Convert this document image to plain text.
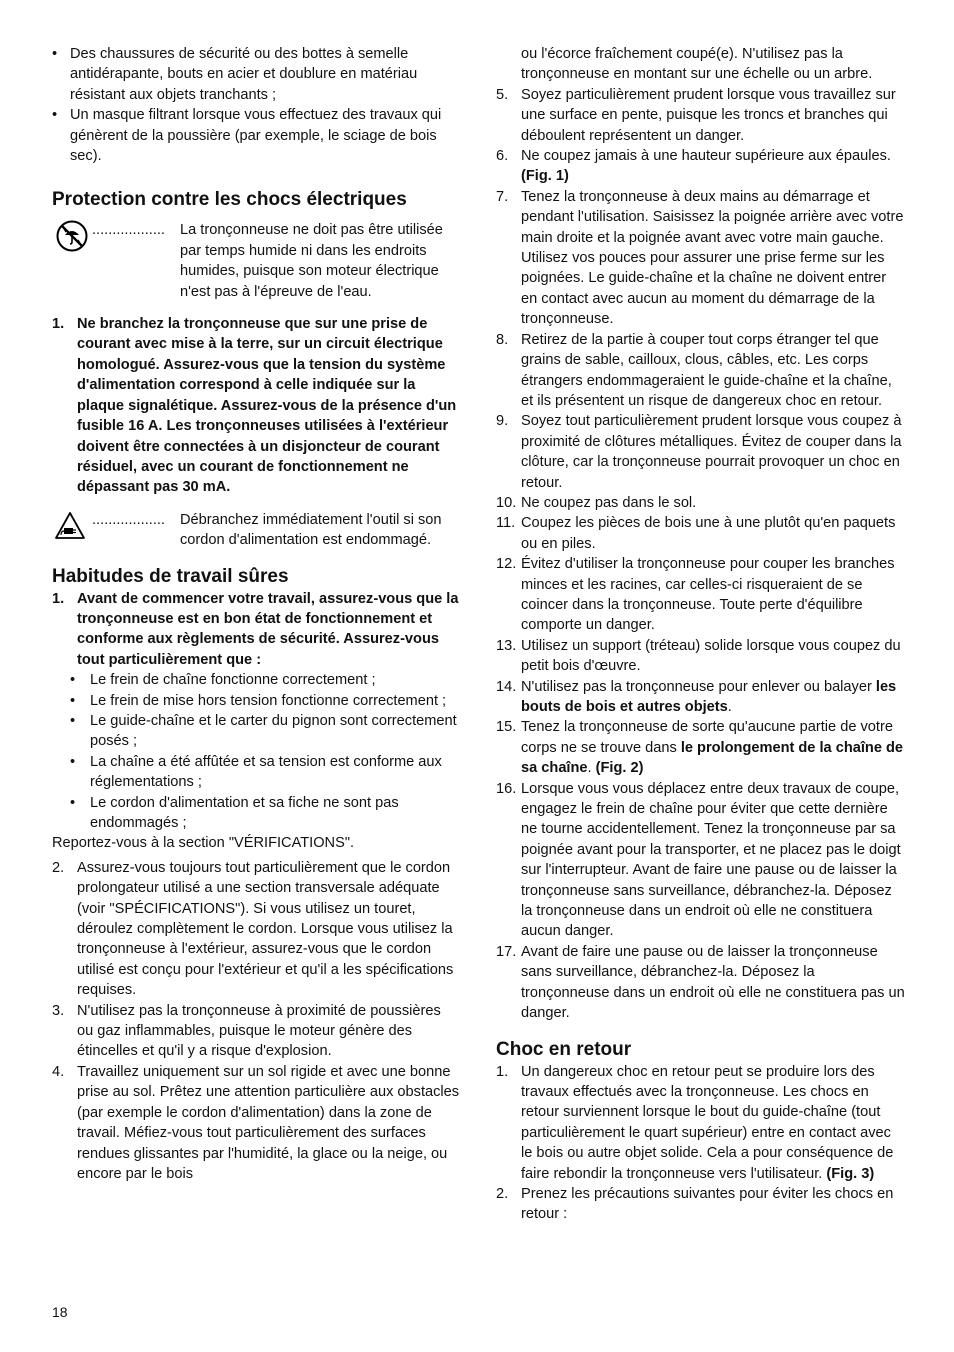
• Des chaussures de sécurité ou des bottes à semelle antidérapante, bouts en acier et doublure en matériau résistant aux objets tranchants ;
• Un masque filtrant lorsque vous effectuez des travaux qui génèrent de la poussière (par exemple, le sciage de bois sec).
Protection contre les chocs électriques
.................. La tronçonneuse ne doit pas être utilisée par temps humide ni dans les endroits humides, puisque son moteur électrique n'est pas à l'épreuve de l'eau.
1. Ne branchez la tronçonneuse que sur une prise de courant avec mise à la terre, sur un circuit électrique homologué. Assurez-vous que la tension du système d'alimentation correspond à celle indiquée sur la plaque signalétique. Assurez-vous de la présence d'un fusible 16 A. Les tronçonneuses utilisées à l'extérieur doivent être connectées à un disjoncteur de courant résiduel, avec un courant de fonctionnement ne dépassant pas 30 mA.
.................. Débranchez immédiatement l'outil si son cordon d'alimentation est endommagé.
Habitudes de travail sûres
1. Avant de commencer votre travail, assurez-vous que la tronçonneuse est en bon état de fonctionnement et conforme aux règlements de sécurité. Assurez-vous tout particulièrement que :
• Le frein de chaîne fonctionne correctement ;
• Le frein de mise hors tension fonctionne correctement ;
• Le guide-chaîne et le carter du pignon sont correctement posés ;
• La chaîne a été affûtée et sa tension est conforme aux réglementations ;
• Le cordon d'alimentation et sa fiche ne sont pas endommagés ;
Reportez-vous à la section "VÉRIFICATIONS".
2. Assurez-vous toujours tout particulièrement que le cordon prolongateur utilisé a une section transversale adéquate (voir "SPÉCIFICATIONS"). Si vous utilisez un touret, déroulez complètement le cordon. Lorsque vous utilisez la tronçonneuse à l'extérieur, assurez-vous que le cordon utilisé est conçu pour l'extérieur et qu'il a les spécifications requises.
3. N'utilisez pas la tronçonneuse à proximité de poussières ou gaz inflammables, puisque le moteur génère des étincelles et qu'il y a risque d'explosion.
4. Travaillez uniquement sur un sol rigide et avec une bonne prise au sol. Prêtez une attention particulière aux obstacles (par exemple le cordon d'alimentation) dans la zone de travail. Méfiez-vous tout particulièrement des surfaces rendues glissantes par l'humidité, la glace ou la neige, ou encore par le bois
ou l'écorce fraîchement coupé(e). N'utilisez pas la tronçonneuse en montant sur une échelle ou un arbre.
5. Soyez particulièrement prudent lorsque vous travaillez sur une surface en pente, puisque les troncs et branches qui déboulent représentent un danger.
6. Ne coupez jamais à une hauteur supérieure aux épaules. (Fig. 1)
7. Tenez la tronçonneuse à deux mains au démarrage et pendant l'utilisation. Saisissez la poignée arrière avec votre main droite et la poignée avant avec votre main gauche. Utilisez vos pouces pour assurer une prise ferme sur les poignées. Le guide-chaîne et la chaîne ne doivent entrer en contact avec aucun au moment du démarrage de la tronçonneuse.
8. Retirez de la partie à couper tout corps étranger tel que grains de sable, cailloux, clous, câbles, etc. Les corps étrangers endommageraient le guide-chaîne et la chaîne, et ils présentent un risque de dangereux choc en retour.
9. Soyez tout particulièrement prudent lorsque vous coupez à proximité de clôtures métalliques. Évitez de couper dans la clôture, car la tronçonneuse pourrait provoquer un choc en retour.
10. Ne coupez pas dans le sol.
11. Coupez les pièces de bois une à une plutôt qu'en paquets ou en piles.
12. Évitez d'utiliser la tronçonneuse pour couper les branches minces et les racines, car celles-ci risqueraient de se coincer dans la tronçonneuse. Toute perte d'équilibre comporte un danger.
13. Utilisez un support (tréteau) solide lorsque vous coupez du petit bois d'œuvre.
14. N'utilisez pas la tronçonneuse pour enlever ou balayer les bouts de bois et autres objets.
15. Tenez la tronçonneuse de sorte qu'aucune partie de votre corps ne se trouve dans le prolongement de la chaîne de sa chaîne. (Fig. 2)
16. Lorsque vous vous déplacez entre deux travaux de coupe, engagez le frein de chaîne pour éviter que cette dernière ne tourne accidentellement. Tenez la tronçonneuse par sa poignée avant pour la transporter, et ne placez pas le doigt sur l'interrupteur. Avant de faire une pause ou de laisser la tronçonneuse sans surveillance, débranchez-la. Déposez la tronçonneuse dans un endroit où elle ne constituera aucun danger.
17. Avant de faire une pause ou de laisser la tronçonneuse sans surveillance, débranchez-la. Déposez la tronçonneuse dans un endroit où elle ne constituera pas un danger.
Choc en retour
1. Un dangereux choc en retour peut se produire lors des travaux effectués avec la tronçonneuse. Les chocs en retour surviennent lorsque le bout du guide-chaîne (tout particulièrement le quart supérieur) entre en contact avec le bois ou autre objet solide. Cela a pour conséquence de faire rebondir la tronçonneuse vers l'utilisateur. (Fig. 3)
2. Prenez les précautions suivantes pour éviter les chocs en retour :
18
